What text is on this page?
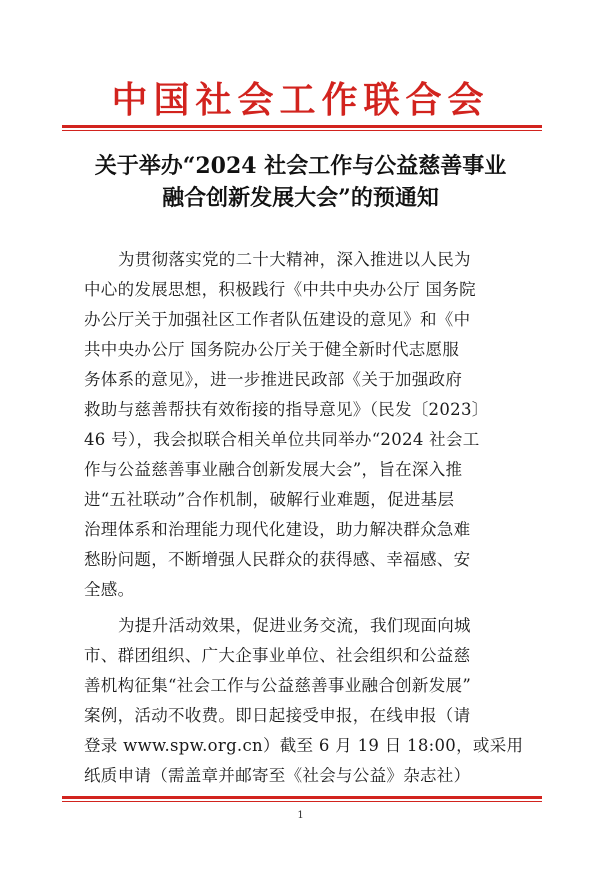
中国社会工作联合会
关于举办“2024 社会工作与公益慈善事业
融合创新发展大会”的预通知
为贯彻落实党的二十大精神，深入推进以人民为
中心的发展思想，积极践行《中共中央办公厅 国务院
办公厅关于加强社区工作者队伍建设的意见》和《中
共中央办公厅 国务院办公厅关于健全新时代志愿服
务体系的意见》，进一步推进民政部《关于加强政府
救助与慈善帮扶有效衔接的指导意见》（民发〔2023〕
46 号），我会拟联合相关单位共同举办“2024 社会工
作与公益慈善事业融合创新发展大会”，旨在深入推
进“五社联动”合作机制，破解行业难题，促进基层
治理体系和治理能力现代化建设，助力解决群众急难
愁盼问题，不断增强人民群众的获得感、幸福感、安
全感。
为提升活动效果，促进业务交流，我们现面向城
市、群团组织、广大企事业单位、社会组织和公益慈
善机构征集“社会工作与公益慈善事业融合创新发展”
案例，活动不收费。即日起接受申报，在线申报（请
登录 www.spw.org.cn）截至 6 月 19 日 18:00，或采用
纸质申请（需盖章并邮寄至《社会与公益》杂志社）
1
